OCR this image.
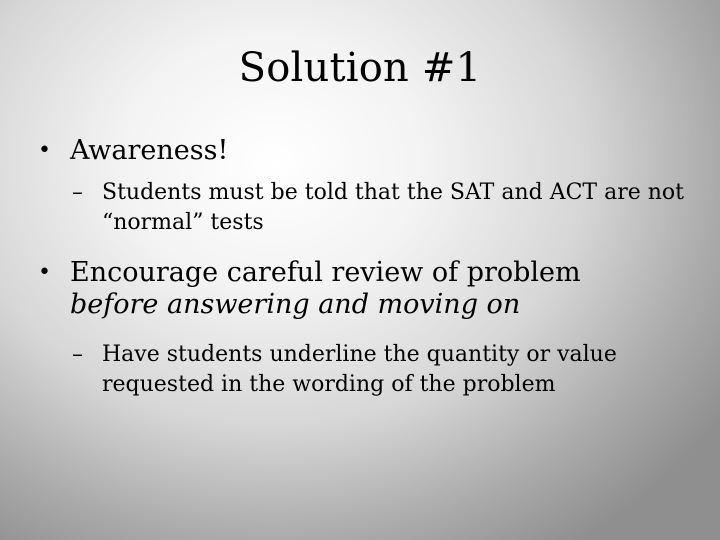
Solution #1
• Awareness!
– Students must be told that the SAT and ACT are not “normal” tests
• Encourage careful review of problem
before answering and moving on
– Have students underline the quantity or value requested in the wording of the problem
